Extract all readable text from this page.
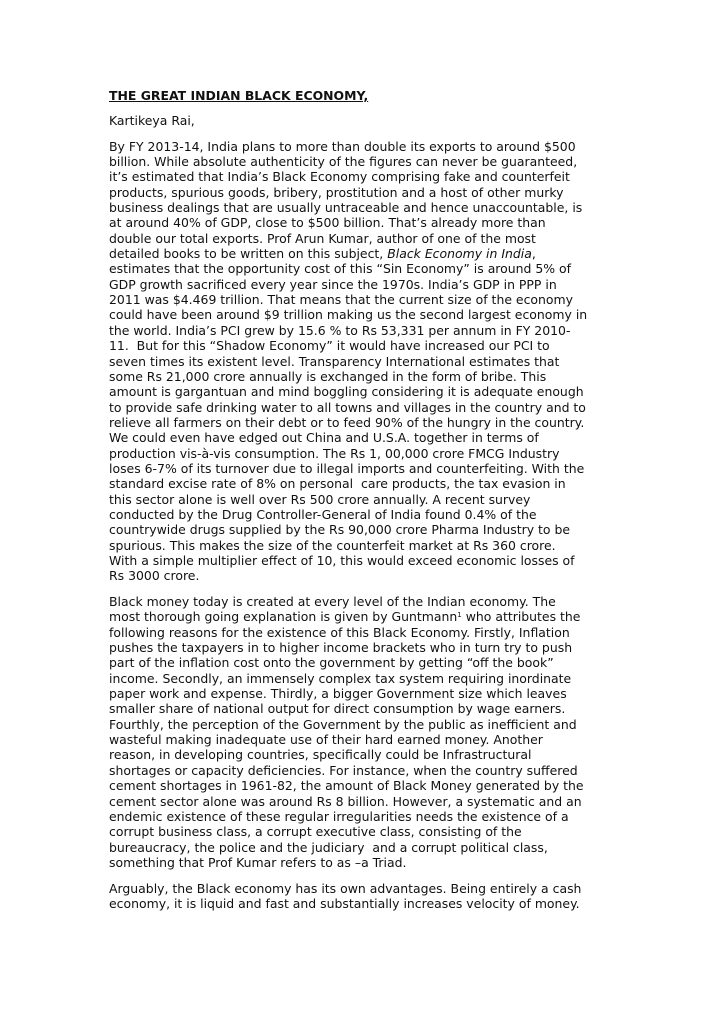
THE GREAT INDIAN BLACK ECONOMY,
Kartikeya Rai,
By FY 2013-14, India plans to more than double its exports to around $500
billion. While absolute authenticity of the figures can never be guaranteed,
it’s estimated that India’s Black Economy comprising fake and counterfeit
products, spurious goods, bribery, prostitution and a host of other murky
business dealings that are usually untraceable and hence unaccountable, is
at around 40% of GDP, close to $500 billion. That’s already more than
double our total exports. Prof Arun Kumar, author of one of the most
detailed books to be written on this subject, Black Economy in India,
estimates that the opportunity cost of this “Sin Economy” is around 5% of
GDP growth sacrificed every year since the 1970s. India’s GDP in PPP in
2011 was $4.469 trillion. That means that the current size of the economy
could have been around $9 trillion making us the second largest economy in
the world. India’s PCI grew by 15.6 % to Rs 53,331 per annum in FY 2010-
11.  But for this “Shadow Economy” it would have increased our PCI to
seven times its existent level. Transparency International estimates that
some Rs 21,000 crore annually is exchanged in the form of bribe. This
amount is gargantuan and mind boggling considering it is adequate enough
to provide safe drinking water to all towns and villages in the country and to
relieve all farmers on their debt or to feed 90% of the hungry in the country.
We could even have edged out China and U.S.A. together in terms of
production vis-à-vis consumption. The Rs 1, 00,000 crore FMCG Industry
loses 6-7% of its turnover due to illegal imports and counterfeiting. With the
standard excise rate of 8% on personal  care products, the tax evasion in
this sector alone is well over Rs 500 crore annually. A recent survey
conducted by the Drug Controller-General of India found 0.4% of the
countrywide drugs supplied by the Rs 90,000 crore Pharma Industry to be
spurious. This makes the size of the counterfeit market at Rs 360 crore.
With a simple multiplier effect of 10, this would exceed economic losses of
Rs 3000 crore.
Black money today is created at every level of the Indian economy. The
most thorough going explanation is given by Guntmann$^1$ who attributes the
following reasons for the existence of this Black Economy. Firstly, Inflation
pushes the taxpayers in to higher income brackets who in turn try to push
part of the inflation cost onto the government by getting “off the book”
income. Secondly, an immensely complex tax system requiring inordinate
paper work and expense. Thirdly, a bigger Government size which leaves
smaller share of national output for direct consumption by wage earners.
Fourthly, the perception of the Government by the public as inefficient and
wasteful making inadequate use of their hard earned money. Another
reason, in developing countries, specifically could be Infrastructural
shortages or capacity deficiencies. For instance, when the country suffered
cement shortages in 1961-82, the amount of Black Money generated by the
cement sector alone was around Rs 8 billion. However, a systematic and an
endemic existence of these regular irregularities needs the existence of a
corrupt business class, a corrupt executive class, consisting of the
bureaucracy, the police and the judiciary  and a corrupt political class,
something that Prof Kumar refers to as –a Triad.
Arguably, the Black economy has its own advantages. Being entirely a cash
economy, it is liquid and fast and substantially increases velocity of money.
